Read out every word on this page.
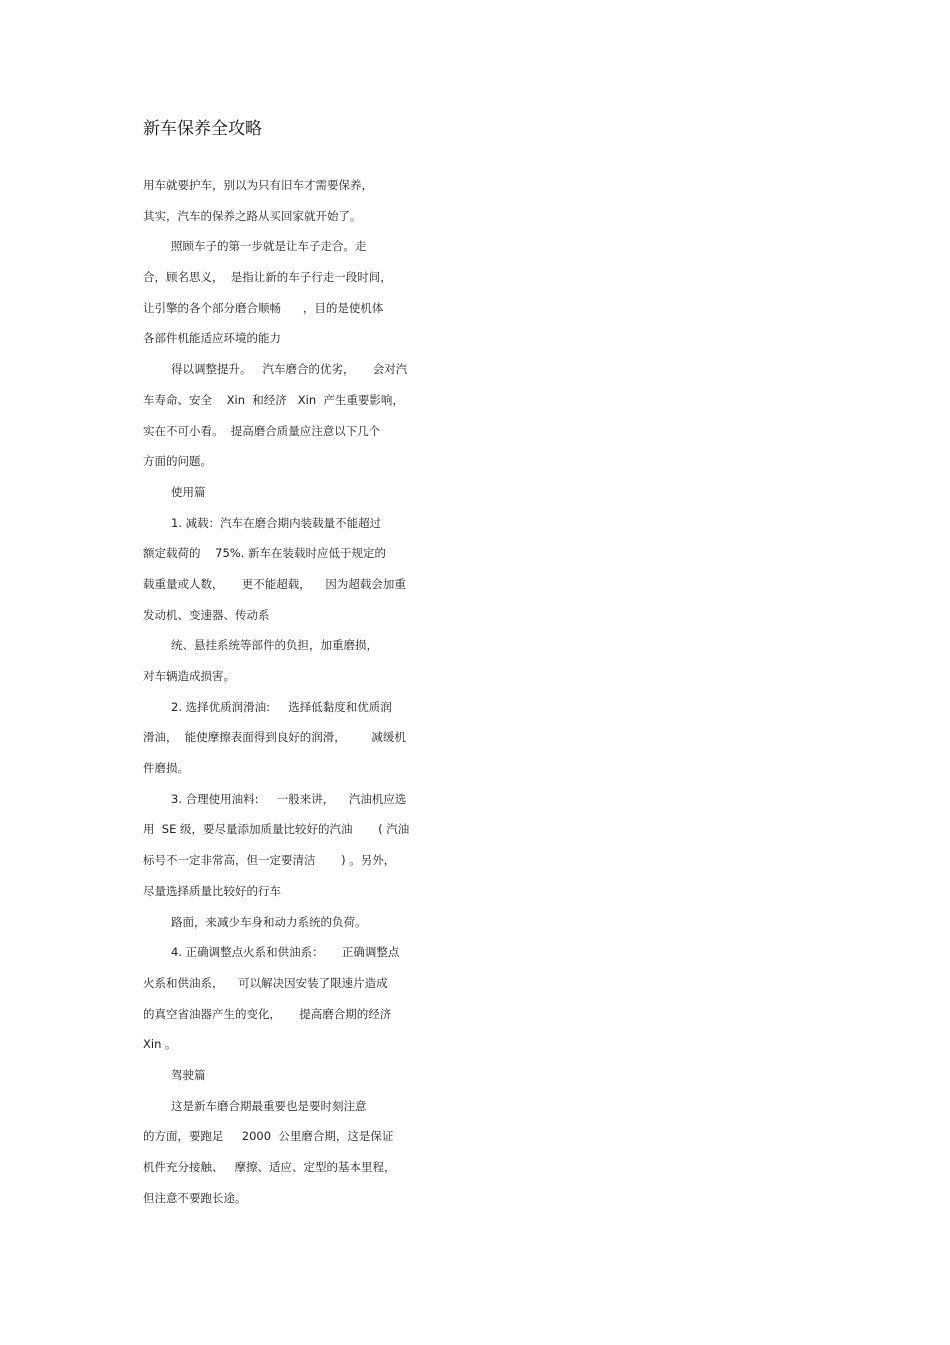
新车保养全攻略
用车就要护车，别以为只有旧车才需要保养，
其实，汽车的保养之路从买回家就开始了。
照顾车子的第一步就是让车子走合。走
合，顾名思义，  是指让新的车子行走一段时间，
让引擎的各个部分磨合顺畅      ，目的是使机体
各部件机能适应环境的能力
得以调整提升。   汽车磨合的优劣，     会对汽
车寿命、安全    Xin  和经济   Xin  产生重要影响，
实在不可小看。  提高磨合质量应注意以下几个
方面的问题。
使用篇
1. 减载：汽车在磨合期内装载量不能超过
额定载荷的    75%. 新车在装载时应低于规定的
载重量或人数，     更不能超载，    因为超载会加重
发动机、变速器、传动系
统、悬挂系统等部件的负担，加重磨损，
对车辆造成损害。
2. 选择优质润滑油:     选择低黏度和优质润
滑油，  能使摩擦表面得到良好的润滑，       减缓机
件磨损。
3. 合理使用油料:     一般来讲，    汽油机应选
用  SE 级，要尽量添加质量比较好的汽油       ( 汽油
标号不一定非常高，但一定要清洁       ) 。另外，
尽量选择质量比较好的行车
路面，来减少车身和动力系统的负荷。
4. 正确调整点火系和供油系：     正确调整点
火系和供油系，    可以解决因安装了限速片造成
的真空省油器产生的变化，     提高磨合期的经济
Xin 。
驾驶篇
这是新车磨合期最重要也是要时刻注意
的方面，要跑足     2000  公里磨合期，这是保证
机件充分接触、   摩擦、适应、定型的基本里程，
但注意不要跑长途。
